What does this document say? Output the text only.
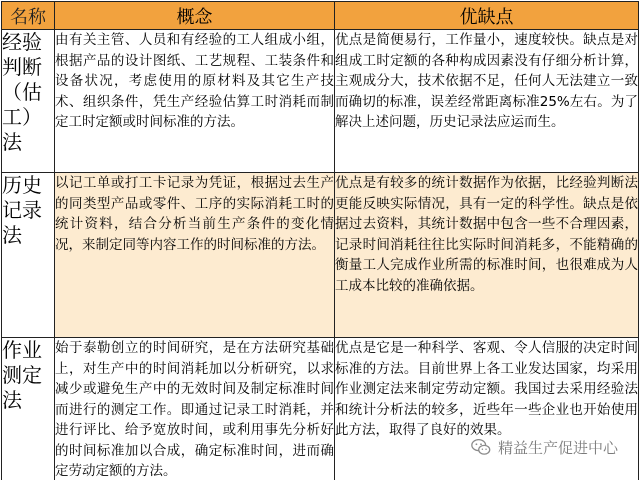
名称	概念	优缺点
经验判断（估工）法	由有关主管、人员和有经验的工人组成小组，根据产品的设计图纸、工艺规程、工装条件和设备状况，考虑使用的原材料及其它生产技术、组织条件，凭生产经验估算工时消耗而制定工时定额或时间标准的方法。	优点是简便易行，工作量小，速度较快。缺点是对组成工时定额的各种构成因素没有仔细分析计算，主观成分大，技术依据不足，任何人无法建立一致而确切的标准，误差经常距离标准25%左右。为了解决上述问题，历史记录法应运而生。
历史记录法	以记工单或打工卡记录为凭证，根据过去生产的同类型产品或零件、工序的实际消耗工时的统计资料，结合分析当前生产条件的变化情况，来制定同等内容工作的时间标准的方法。	优点是有较多的统计数据作为依据，比经验判断法更能反映实际情况，具有一定的科学性。缺点是依据过去资料，其统计数据中包含一些不合理因素，记录时间消耗往往比实际时间消耗多，不能精确的衡量工人完成作业所需的标准时间，也很难成为人工成本比较的准确依据。
作业测定法	始于泰勒创立的时间研究，是在方法研究基础上，对生产中的时间消耗加以分析研究，以求减少或避免生产中的无效时间及制定标准时间而进行的测定工作。即通过记录工时消耗，并进行评比、给予宽放时间，或利用事先分析好的时间标准加以合成，确定标准时间，进而确定劳动定额的方法。	优点是它是一种科学、客观、令人信服的决定时间标准的方法。目前世界上各工业发达国家，均采用作业测定法来制定劳动定额。我国过去采用经验法和统计分析法的较多，近些年一些企业也开始使用此方法，取得了良好的效果。
精益生产促进中心
